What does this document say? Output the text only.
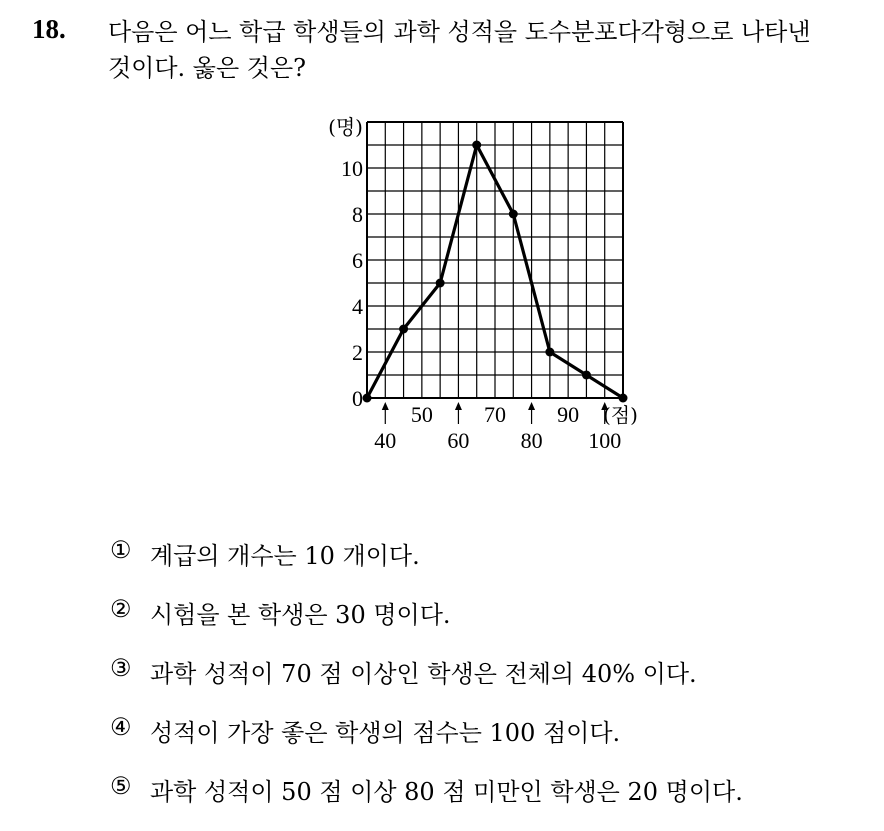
18. 다음은 어느 학급 학생들의 과학 성적을 도수분포다각형으로 나타낸
것이다. 옳은 것은?
0
2
4
6
8
10
(명)
50 70 90
40 60 80 100
(점)
① 계급의 개수는 10 개이다.
② 시험을 본 학생은 30 명이다.
③ 과학 성적이 70 점 이상인 학생은 전체의 40% 이다.
④ 성적이 가장 좋은 학생의 점수는 100 점이다.
⑤ 과학 성적이 50 점 이상 80 점 미만인 학생은 20 명이다.
